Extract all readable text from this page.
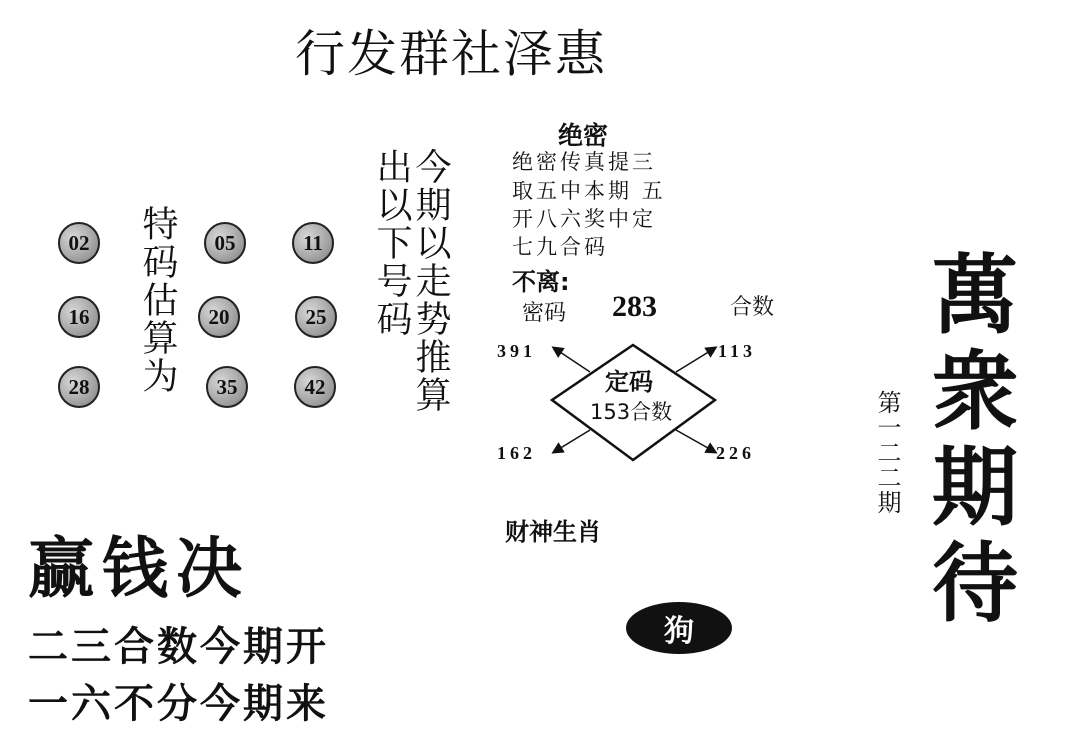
行发群社泽惠
02	05	11
16	20	25
28	35	42
特码估算为	今期以走势推算
出以下号码
绝密
绝密传真提三
取五中本期 五
开八六奖中定
七九合码
不离:
密码 283	合数
391	113
162	226
定码
153合数
财神生肖
狗
第一二二期
萬
衆
期
待
赢钱决
二三合数今期开
一六不分今期来
